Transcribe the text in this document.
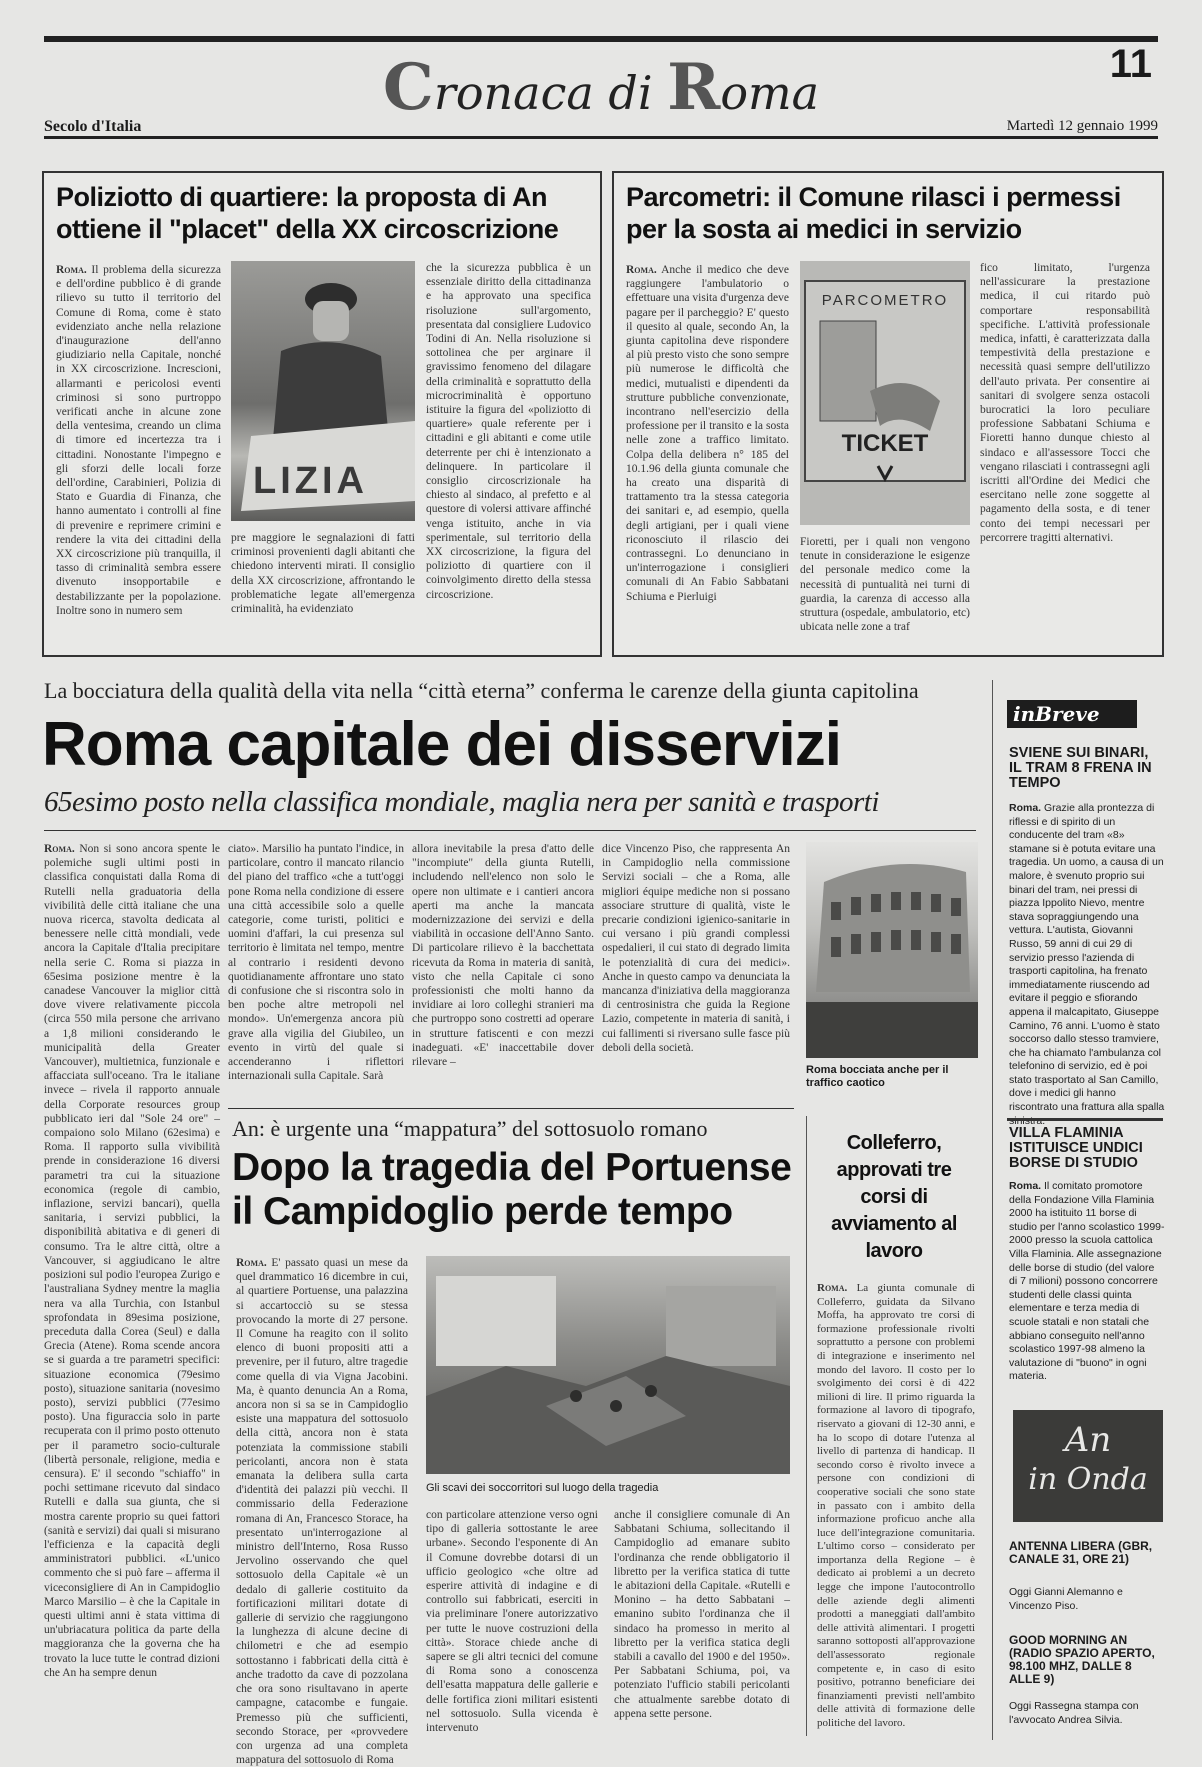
Cronaca di Roma
11
Secolo d'Italia	Martedì 12 gennaio 1999
Poliziotto di quartiere: la proposta di An ottiene il "placet" della XX circoscrizione
Roma. Il problema della sicurezza e dell'ordine pubblico è di grande rilievo su tutto il territorio del Comune di Roma, come è stato evidenziato anche nella relazione d'inaugurazione dell'anno giudiziario nella Capitale, nonché in XX circoscrizione. Increscioni, allarmanti e pericolosi eventi criminosi si sono purtroppo verificati anche in alcune zone della ventesima, creando un clima di timore ed incertezza tra i cittadini. Nonostante l'impegno e gli sforzi delle locali forze dell'ordine, Carabinieri, Polizia di Stato e Guardia di Finanza, che hanno aumentato i controlli al fine di prevenire e reprimere crimini e rendere la vita dei cittadini della XX circoscrizione più tranquilla, il tasso di criminalità sembra essere divenuto insopportabile e destabilizzante per la popolazione. Inoltre sono in numero sem
LIZIA
pre maggiore le segnalazioni di fatti criminosi provenienti dagli abitanti che chiedono interventi mirati. Il consiglio della XX circoscrizione, affrontando le problematiche legate all'emergenza criminalità, ha evidenziato
che la sicurezza pubblica è un essenziale diritto della cittadinanza e ha approvato una specifica risoluzione sull'argomento, presentata dal consigliere Ludovico Todini di An. Nella risoluzione si sottolinea che per arginare il gravissimo fenomeno del dilagare della criminalità e soprattutto della microcriminalità è opportuno istituire la figura del «poliziotto di quartiere» quale referente per i cittadini e gli abitanti e come utile deterrente per chi è intenzionato a delinquere. In particolare il consiglio circoscrizionale ha chiesto al sindaco, al prefetto e al questore di volersi attivare affinché venga istituito, anche in via sperimentale, sul territorio della XX circoscrizione, la figura del poliziotto di quartiere con il coinvolgimento diretto della stessa circoscrizione.
Parcometri: il Comune rilasci i permessi per la sosta ai medici in servizio
Roma. Anche il medico che deve raggiungere l'ambulatorio o effettuare una visita d'urgenza deve pagare per il parcheggio? E' questo il quesito al quale, secondo An, la giunta capitolina deve rispondere al più presto visto che sono sempre più numerose le difficoltà che medici, mutualisti e dipendenti da strutture pubbliche convenzionate, incontrano nell'esercizio della professione per il transito e la sosta nelle zone a traffico limitato. Colpa della delibera n° 185 del 10.1.96 della giunta comunale che ha creato una disparità di trattamento tra la stessa categoria dei sanitari e, ad esempio, quella degli artigiani, per i quali viene riconosciuto il rilascio dei contrassegni. Lo denunciano in un'interrogazione i consiglieri comunali di An Fabio Sabbatani Schiuma e Pierluigi
PARCOMETRO
TICKET
Fioretti, per i quali non vengono tenute in considerazione le esigenze del personale medico come la necessità di puntualità nei turni di guardia, la carenza di accesso alla struttura (ospedale, ambulatorio, etc) ubicata nelle zone a traf
fico limitato, l'urgenza nell'assicurare la prestazione medica, il cui ritardo può comportare responsabilità specifiche. L'attività professionale medica, infatti, è caratterizzata dalla tempestività della prestazione e necessità quasi sempre dell'utilizzo dell'auto privata. Per consentire ai sanitari di svolgere senza ostacoli burocratici la loro peculiare professione Sabbatani Schiuma e Fioretti hanno dunque chiesto al sindaco e all'assessore Tocci che vengano rilasciati i contrassegni agli iscritti all'Ordine dei Medici che esercitano nelle zone soggette al pagamento della sosta, e di tener conto dei tempi necessari per percorrere tragitti alternativi.
La bocciatura della qualità della vita nella “città eterna” conferma le carenze della giunta capitolina
Roma capitale dei disservizi
65esimo posto nella classifica mondiale, maglia nera per sanità e trasporti
Roma. Non si sono ancora spente le polemiche sugli ultimi posti in classifica conquistati dalla Roma di Rutelli nella graduatoria della vivibilità delle città italiane che una nuova ricerca, stavolta dedicata al benessere nelle città mondiali, vede ancora la Capitale d'Italia precipitare nella serie C. Roma si piazza in 65esima posizione mentre è la canadese Vancouver la miglior città dove vivere relativamente piccola (circa 550 mila persone che arrivano a 1,8 milioni considerando le municipalità della Greater Vancouver), multietnica, funzionale e affacciata sull'oceano. Tra le italiane invece – rivela il rapporto annuale della Corporate resources group pubblicato ieri dal "Sole 24 ore" – compaiono solo Milano (62esima) e Roma. Il rapporto sulla vivibilità prende in considerazione 16 diversi parametri tra cui la situazione economica (regole di cambio, inflazione, servizi bancari), quella sanitaria, i servizi pubblici, la disponibilità abitativa e di generi di consumo. Tra le altre città, oltre a Vancouver, si aggiudicano le altre posizioni sul podio l'europea Zurigo e l'australiana Sydney mentre la maglia nera va alla Turchia, con Istanbul sprofondata in 89esima posizione, preceduta dalla Corea (Seul) e dalla Grecia (Atene). Roma scende ancora se si guarda a tre parametri specifici: situazione economica (79esimo posto), situazione sanitaria (novesimo posto), servizi pubblici (77esimo posto). Una figuraccia solo in parte recuperata con il primo posto ottenuto per il parametro socio-culturale (libertà personale, religione, media e censura). E' il secondo "schiaffo" in pochi settimane ricevuto dal sindaco Rutelli e dalla sua giunta, che si mostra carente proprio su quei fattori (sanità e servizi) dai quali si misurano l'efficienza e la capacità degli amministratori pubblici. «L'unico commento che si può fare – afferma il viceconsigliere di An in Campidoglio Marco Marsilio – è che la Capitale in questi ultimi anni è stata vittima di un'ubriacatura politica da parte della maggioranza che la governa che ha trovato la luce tutte le contrad dizioni che An ha sempre denun
ciato». Marsilio ha puntato l'indice, in particolare, contro il mancato rilancio del piano del traffico «che a tutt'oggi pone Roma nella condizione di essere una città accessibile solo a quelle categorie, come turisti, politici e uomini d'affari, la cui presenza sul territorio è limitata nel tempo, mentre al contrario i residenti devono quotidianamente affrontare uno stato di confusione che si riscontra solo in ben poche altre metropoli nel mondo». Un'emergenza ancora più grave alla vigilia del Giubileo, un evento in virtù del quale si accenderanno i riflettori internazionali sulla Capitale. Sarà
allora inevitabile la presa d'atto delle "incompiute" della giunta Rutelli, includendo nell'elenco non solo le opere non ultimate e i cantieri ancora aperti ma anche la mancata modernizzazione dei servizi e della viabilità in occasione dell'Anno Santo. Di particolare rilievo è la bacchettata ricevuta da Roma in materia di sanità, visto che nella Capitale ci sono professionisti che molti hanno da invidiare ai loro colleghi stranieri ma che purtroppo sono costretti ad operare in strutture fatiscenti e con mezzi inadeguati. «E' inaccettabile dover rilevare –
dice Vincenzo Piso, che rappresenta An in Campidoglio nella commissione Servizi sociali – che a Roma, alle migliori équipe mediche non si possano associare strutture di qualità, viste le precarie condizioni igienico-sanitarie in cui versano i più grandi complessi ospedalieri, il cui stato di degrado limita le potenzialità di cura dei medici». Anche in questo campo va denunciata la mancanza d'iniziativa della maggioranza di centrosinistra che guida la Regione Lazio, competente in materia di sanità, i cui fallimenti si riversano sulle fasce più deboli della società.
Roma bocciata anche per il traffico caotico
An: è urgente una “mappatura” del sottosuolo romano
Dopo la tragedia del Portuense il Campidoglio perde tempo
Roma. E' passato quasi un mese da quel drammatico 16 dicembre in cui, al quartiere Portuense, una palazzina si accartocciò su se stessa provocando la morte di 27 persone. Il Comune ha reagito con il solito elenco di buoni propositi atti a prevenire, per il futuro, altre tragedie come quella di via Vigna Jacobini. Ma, è quanto denuncia An a Roma, ancora non si sa se in Campidoglio esiste una mappatura del sottosuolo della città, ancora non è stata potenziata la commissione stabili pericolanti, ancora non è stata emanata la delibera sulla carta d'identità dei palazzi più vecchi. Il commissario della Federazione romana di An, Francesco Storace, ha presentato un'interrogazione al ministro dell'Interno, Rosa Russo Jervolino osservando che quel sottosuolo della Capitale «è un dedalo di gallerie costituito da fortificazioni militari dotate di gallerie di servizio che raggiungono la lunghezza di alcune decine di chilometri e che ad esempio sottostanno i fabbricati della città è anche tradotto da cave di pozzolana che ora sono risultavano in aperte campagne, catacombe e fungaie. Premesso più che sufficienti, secondo Storace, per «provvedere con urgenza ad una completa mappatura del sottosuolo di Roma
Gli scavi dei soccorritori sul luogo della tragedia
con particolare attenzione verso ogni tipo di galleria sottostante le aree urbane». Secondo l'esponente di An il Comune dovrebbe dotarsi di un ufficio geologico «che oltre ad esperire attività di indagine e di controllo sui fabbricati, eserciti in via preliminare l'onere autorizzativo per tutte le nuove costruzioni della città». Storace chiede anche di sapere se gli altri tecnici del comune di Roma sono a conoscenza dell'esatta mappatura delle gallerie e delle fortifica zioni militari esistenti nel sottosuolo. Sulla vicenda è intervenuto
anche il consigliere comunale di An Sabbatani Schiuma, sollecitando il Campidoglio ad emanare subito l'ordinanza che rende obbligatorio il libretto per la verifica statica di tutte le abitazioni della Capitale. «Rutelli e Monino – ha detto Sabbatani – emanino subito l'ordinanza che il sindaco ha promesso in merito al libretto per la verifica statica degli stabili a cavallo del 1900 e del 1950». Per Sabbatani Schiuma, poi, va potenziato l'ufficio stabili pericolanti che attualmente sarebbe dotato di appena sette persone.
Colleferro, approvati tre corsi di avviamento al lavoro
Roma. La giunta comunale di Colleferro, guidata da Silvano Moffa, ha approvato tre corsi di formazione professionale rivolti soprattutto a persone con problemi di integrazione e inserimento nel mondo del lavoro. Il costo per lo svolgimento dei corsi è di 422 milioni di lire. Il primo riguarda la formazione al lavoro di tipografo, riservato a giovani di 12-30 anni, e ha lo scopo di dotare l'utenza al livello di partenza di handicap. Il secondo corso è rivolto invece a persone con condizioni di cooperative sociali che sono state in passato con i ambito della informazione proficuo anche alla luce dell'integrazione comunitaria. L'ultimo corso – considerato per importanza della Regione – è dedicato ai problemi a un decreto legge che impone l'autocontrollo delle aziende degli alimenti prodotti a maneggiati dall'ambito delle attività alimentari. I progetti saranno sottoposti all'approvazione dell'assessorato regionale competente e, in caso di esito positivo, potranno beneficiare dei finanziamenti previsti nell'ambito delle attività di formazione delle politiche del lavoro.
inBreve
SVIENE SUI BINARI, IL TRAM 8 FRENA IN TEMPO
Roma. Grazie alla prontezza di riflessi e di spirito di un conducente del tram «8» stamane si è potuta evitare una tragedia. Un uomo, a causa di un malore, è svenuto proprio sui binari del tram, nei pressi di piazza Ippolito Nievo, mentre stava sopraggiungendo una vettura. L'autista, Giovanni Russo, 59 anni di cui 29 di servizio presso l'azienda di trasporti capitolina, ha frenato immediatamente riuscendo ad evitare il peggio e sfiorando appena il malcapitato, Giuseppe Camino, 76 anni. L'uomo è stato soccorso dallo stesso tramviere, che ha chiamato l'ambulanza col telefonino di servizio, ed è poi stato trasportato al San Camillo, dove i medici gli hanno riscontrato una frattura alla spalla
VILLA FLAMINIA ISTITUISCE UNDICI BORSE DI STUDIO
Roma. Il comitato promotore della Fondazione Villa Flaminia 2000 ha istituito 11 borse di studio per l'anno scolastico 1999-2000 presso la scuola cattolica Villa Flaminia. Alle assegnazione delle borse di studio (del valore di 7 milioni) possono concorrere studenti delle classi quinta elementare e terza media di scuole statali e non statali che abbiano conseguito nell'anno scolastico 1997-98 almeno la valutazione di "buono" in ogni materia.
An
in Onda
ANTENNA LIBERA (GBR, CANALE 31, ORE 21)
Oggi Gianni Alemanno e Vincenzo Piso.
GOOD MORNING AN (RADIO SPAZIO APERTO, 98.100 MHZ, DALLE 8 ALLE 9)
Oggi Rassegna stampa con l'avvocato Andrea Silvia.
